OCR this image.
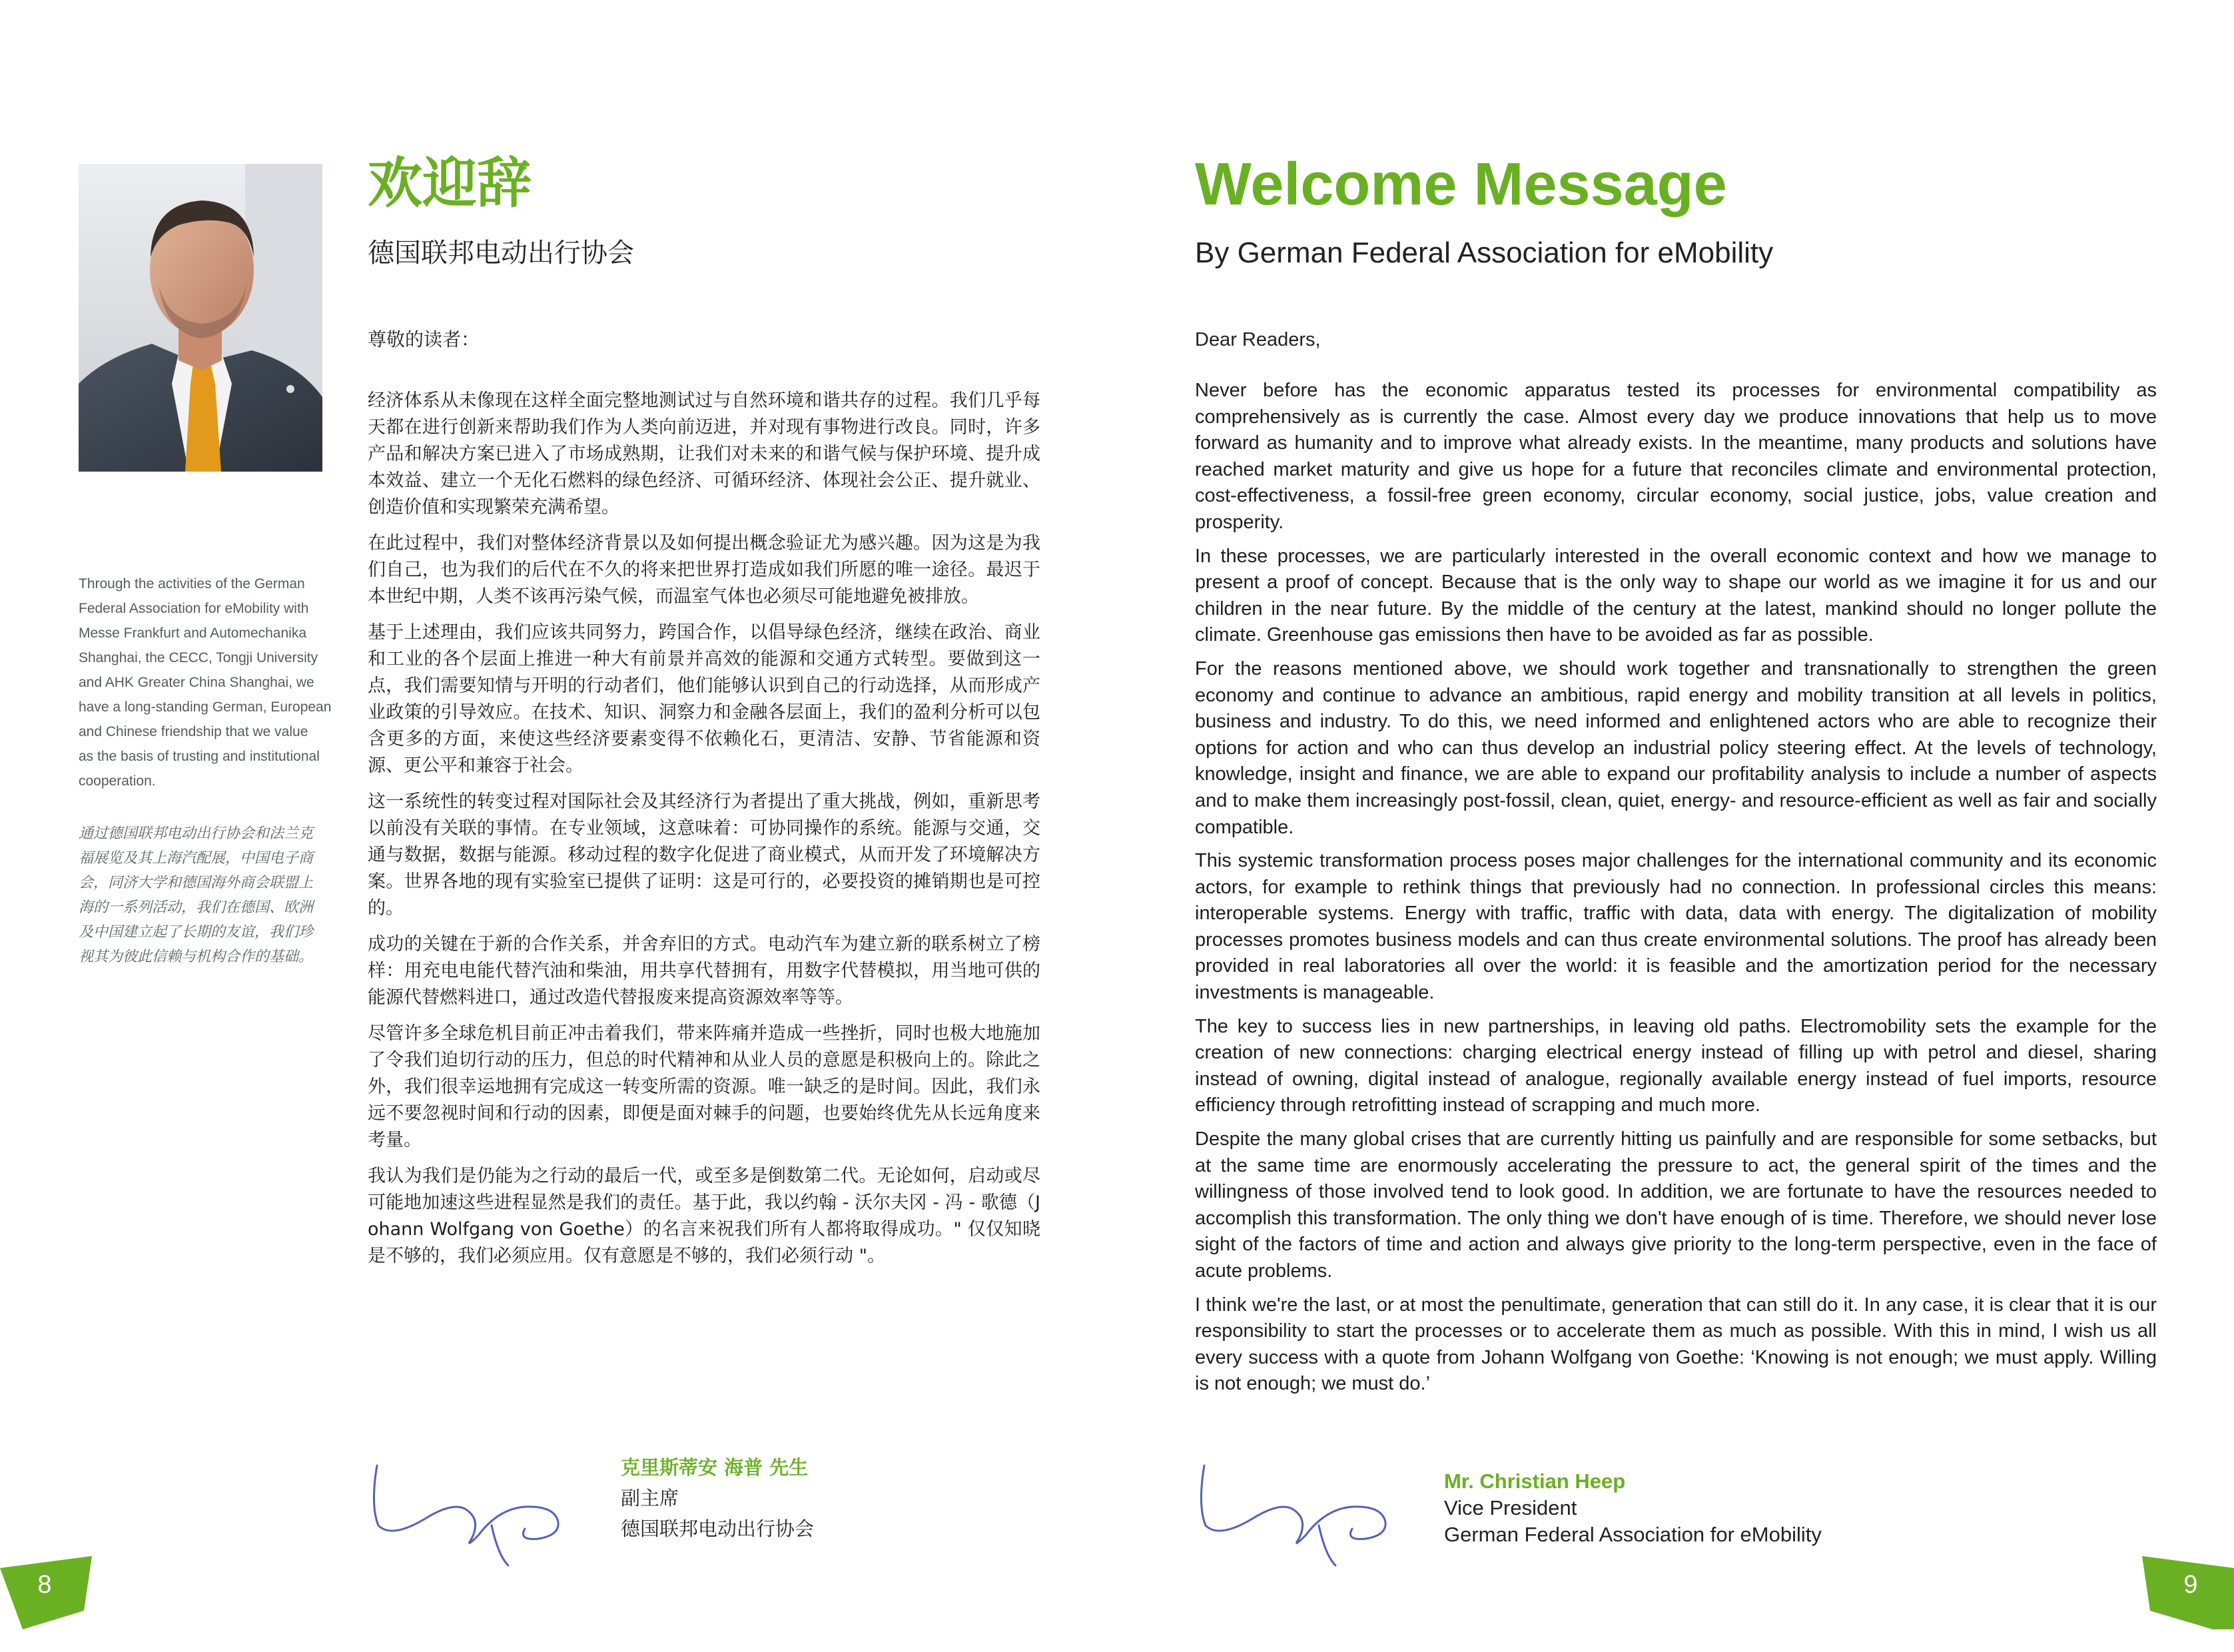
Through the activities of the German
Federal Association for eMobility with
Messe Frankfurt and Automechanika
Shanghai, the CECC, Tongji University
and AHK Greater China Shanghai, we
have a long-standing German, European
and Chinese friendship that we value
as the basis of trusting and institutional
cooperation.
通过德国联邦电动出行协会和法兰克
福展览及其上海汽配展，中国电子商
会，同济大学和德国海外商会联盟上
海的一系列活动，我们在德国、欧洲
及中国建立起了长期的友谊，我们珍
视其为彼此信赖与机构合作的基础。
欢迎辞
德国联邦电动出行协会
尊敬的读者：

经济体系从未像现在这样全面完整地测试过与自然环境和谐共存的过程。我们几乎每天都在进行创新来帮助我们作为人类向前迈进，并对现有事物进行改良。同时，许多产品和解决方案已进入了市场成熟期，让我们对未来的和谐气候与保护环境、提升成本效益、建立一个无化石燃料的绿色经济、可循环经济、体现社会公正、提升就业、创造价值和实现繁荣充满希望。

在此过程中，我们对整体经济背景以及如何提出概念验证尤为感兴趣。因为这是为我们自己，也为我们的后代在不久的将来把世界打造成如我们所愿的唯一途径。最迟于本世纪中期，人类不该再污染气候，而温室气体也必须尽可能地避免被排放。

基于上述理由，我们应该共同努力，跨国合作，以倡导绿色经济，继续在政治、商业和工业的各个层面上推进一种大有前景并高效的能源和交通方式转型。要做到这一点，我们需要知情与开明的行动者们，他们能够认识到自己的行动选择，从而形成产业政策的引导效应。在技术、知识、洞察力和金融各层面上，我们的盈利分析可以包含更多的方面，来使这些经济要素变得不依赖化石，更清洁、安静、节省能源和资源、更公平和兼容于社会。

这一系统性的转变过程对国际社会及其经济行为者提出了重大挑战，例如，重新思考以前没有关联的事情。在专业领域，这意味着：可协同操作的系统。能源与交通，交通与数据，数据与能源。移动过程的数字化促进了商业模式，从而开发了环境解决方案。世界各地的现有实验室已提供了证明：这是可行的，必要投资的摊销期也是可控的。

成功的关键在于新的合作关系，并舍弃旧的方式。电动汽车为建立新的联系树立了榜样：用充电电能代替汽油和柴油，用共享代替拥有，用数字代替模拟，用当地可供的能源代替燃料进口，通过改造代替报废来提高资源效率等等。

尽管许多全球危机目前正冲击着我们，带来阵痛并造成一些挫折，同时也极大地施加了令我们迫切行动的压力，但总的时代精神和从业人员的意愿是积极向上的。除此之外，我们很幸运地拥有完成这一转变所需的资源。唯一缺乏的是时间。因此，我们永远不要忽视时间和行动的因素，即便是面对棘手的问题，也要始终优先从长远角度来考量。

我认为我们是仍能为之行动的最后一代，或至多是倒数第二代。无论如何，启动或尽可能地加速这些进程显然是我们的责任。基于此，我以约翰 - 沃尔夫冈 - 冯 - 歌德（Johann Wolfgang von Goethe）的名言来祝我们所有人都将取得成功。" 仅仅知晓是不够的，我们必须应用。仅有意愿是不够的，我们必须行动 "。

Welcome Message
By German Federal Association for eMobility
Dear Readers,

Never before has the economic apparatus tested its processes for environmental compatibility as comprehensively as is currently the case. Almost every day we produce innovations that help us to move forward as humanity and to improve what already exists. In the meantime, many products and solutions have reached market maturity and give us hope for a future that reconciles climate and environmental protection, cost-effectiveness, a fossil-free green economy, circular economy, social justice, jobs, value creation and prosperity.

In these processes, we are particularly interested in the overall economic context and how we manage to present a proof of concept. Because that is the only way to shape our world as we imagine it for us and our children in the near future. By the middle of the century at the latest, mankind should no longer pollute the climate. Greenhouse gas emissions then have to be avoided as far as possible.

For the reasons mentioned above, we should work together and transnationally to strengthen the green economy and continue to advance an ambitious, rapid energy and mobility transition at all levels in politics, business and industry. To do this, we need informed and enlightened actors who are able to recognize their options for action and who can thus develop an industrial policy steering effect. At the levels of technology, knowledge, insight and finance, we are able to expand our profitability analysis to include a number of aspects and to make them increasingly post-fossil, clean, quiet, energy- and resource-efficient as well as fair and socially compatible.

This systemic transformation process poses major challenges for the international community and its economic actors, for example to rethink things that previously had no connection. In professional circles this means: interoperable systems. Energy with traffic, traffic with data, data with energy. The digitalization of mobility processes promotes business models and can thus create environmental solutions. The proof has already been provided in real laboratories all over the world: it is feasible and the amortization period for the necessary investments is manageable.

The key to success lies in new partnerships, in leaving old paths. Electromobility sets the example for the creation of new connections: charging electrical energy instead of filling up with petrol and diesel, sharing instead of owning, digital instead of analogue, regionally available energy instead of fuel imports, resource efficiency through retrofitting instead of scrapping and much more.

Despite the many global crises that are currently hitting us painfully and are responsible for some setbacks, but at the same time are enormously accelerating the pressure to act, the general spirit of the times and the willingness of those involved tend to look good. In addition, we are fortunate to have the resources needed to accomplish this transformation. The only thing we don't have enough of is time. Therefore, we should never lose sight of the factors of time and action and always give priority to the long-term perspective, even in the face of acute problems.

I think we're the last, or at most the penultimate, generation that can still do it. In any case, it is clear that it is our responsibility to start the processes or to accelerate them as much as possible. With this in mind, I wish us all every success with a quote from Johann Wolfgang von Goethe: ‘Knowing is not enough; we must apply. Willing is not enough; we must do.’

克里斯蒂安 海普 先生
副主席
德国联邦电动出行协会
Mr. Christian Heep
Vice President
German Federal Association for eMobility
8	9
